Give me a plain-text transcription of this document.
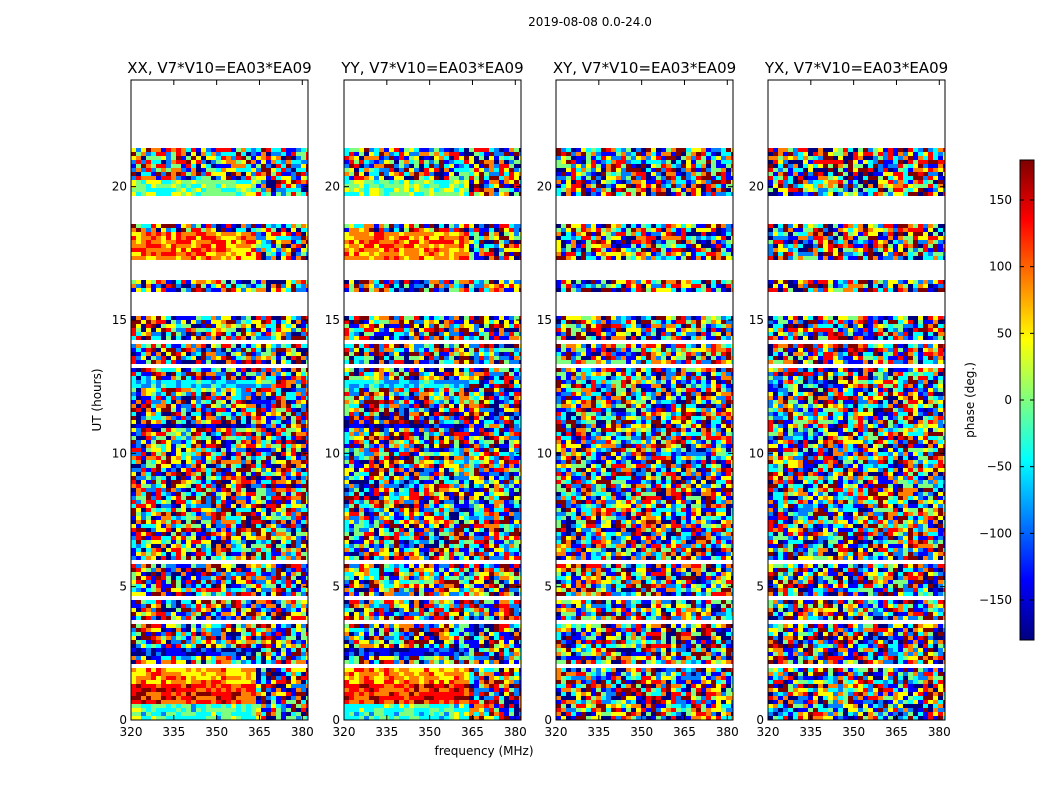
2019-08-08 0.0-24.0
XX, V7*V10=EA03*EA09
320 335 350 365 380
0
5
10
15
20
YY, V7*V10=EA03*EA09
320 335 350 365 380
0
5
10
15
20
XY, V7*V10=EA03*EA09
320 335 350 365 380
0
5
10
15
20
YX, V7*V10=EA03*EA09
320 335 350 365 380
0
5
10
15
20
frequency (MHz)
UT (hours)
150
100
50
0
−50
−100
−150
phase (deg.)
